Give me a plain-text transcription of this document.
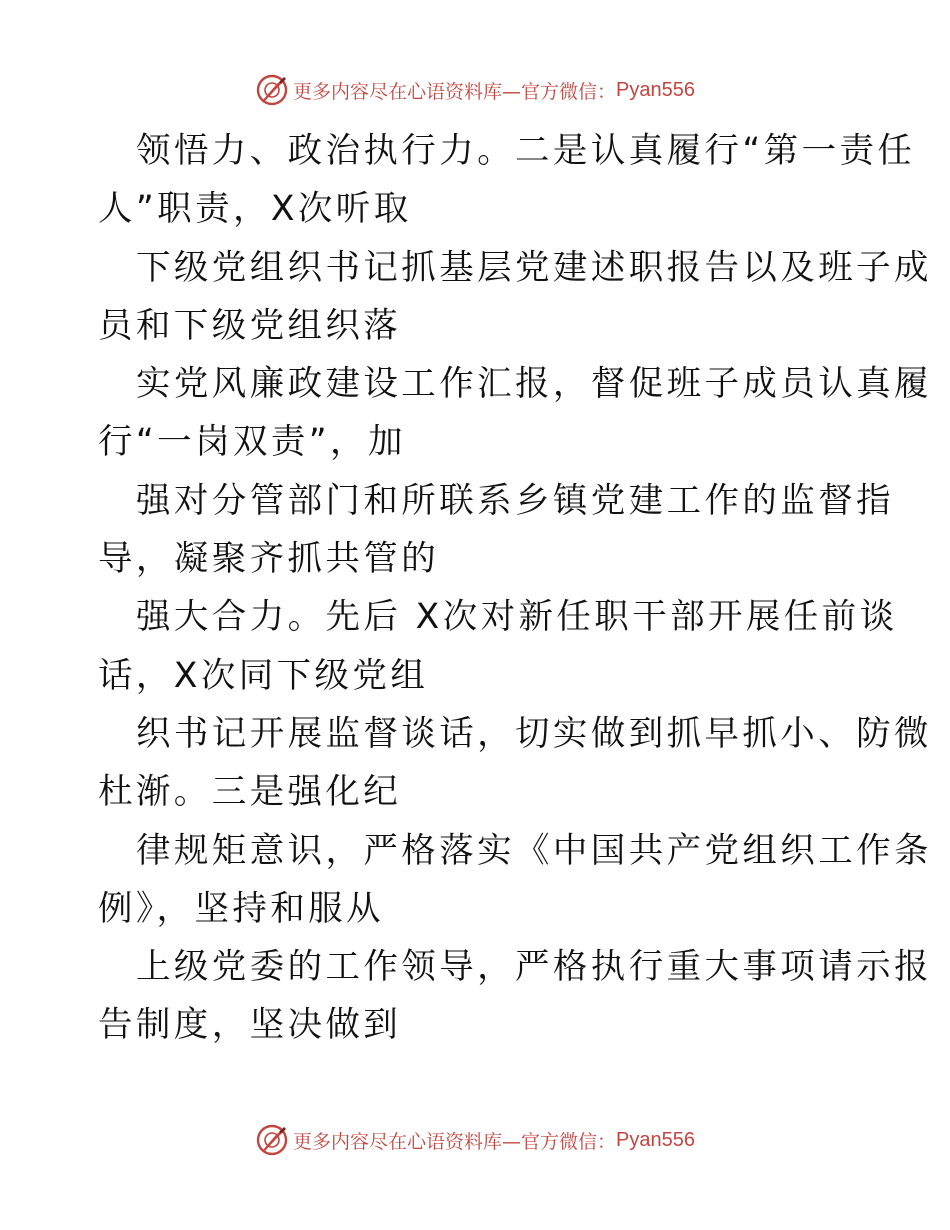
更多内容尽在心语资料库—官方微信： Pyan556
领悟力、政治执行力。二是认真履行“第一责任
人”职责，X次听取
下级党组织书记抓基层党建述职报告以及班子成
员和下级党组织落
实党风廉政建设工作汇报，督促班子成员认真履
行“一岗双责”，加
强对分管部门和所联系乡镇党建工作的监督指
导，凝聚齐抓共管的
强大合力。先后 X次对新任职干部开展任前谈
话，X次同下级党组
织书记开展监督谈话，切实做到抓早抓小、防微
杜渐。三是强化纪
律规矩意识，严格落实《中国共产党组织工作条
例》，坚持和服从
上级党委的工作领导，严格执行重大事项请示报
告制度，坚决做到
更多内容尽在心语资料库—官方微信： Pyan556
